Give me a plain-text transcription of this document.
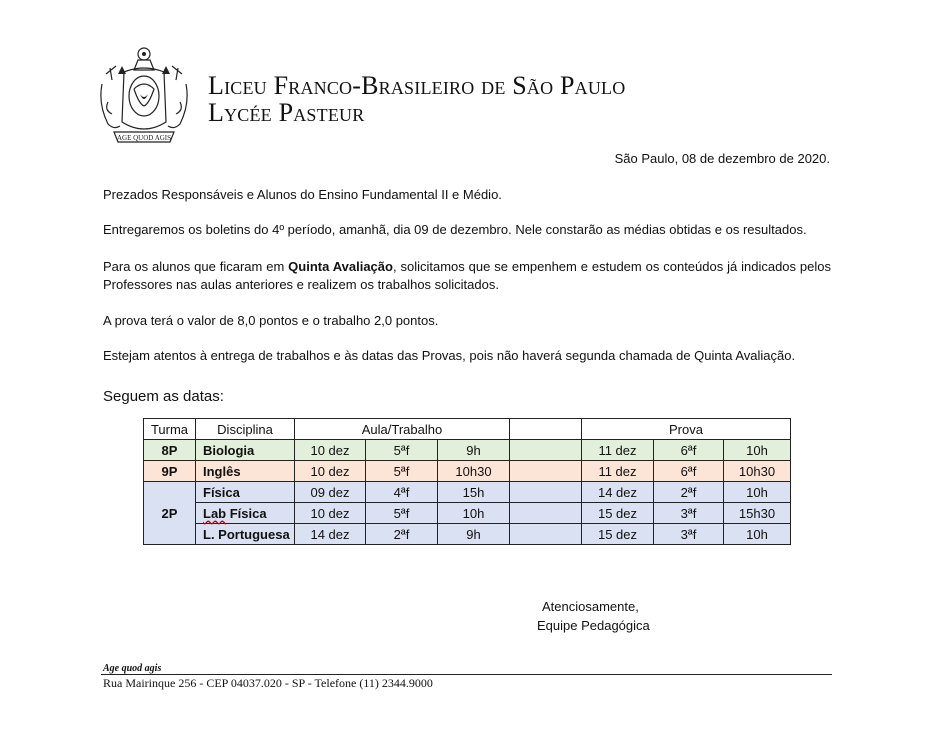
AGE QUOD AGIS
Liceu Franco-Brasileiro de São Paulo
Lycée Pasteur
São Paulo, 08 de dezembro de 2020.
Prezados Responsáveis e Alunos do Ensino Fundamental II e Médio.
Entregaremos os boletins do 4º período, amanhã, dia 09 de dezembro. Nele constarão as médias obtidas e os resultados.
Para os alunos que ficaram em Quinta Avaliação, solicitamos que se empenhem e estudem os conteúdos já indicados pelos Professores nas aulas anteriores e realizem os trabalhos solicitados.
A prova terá o valor de 8,0 pontos e o trabalho 2,0 pontos.
Estejam atentos à entrega de trabalhos e às datas das Provas, pois não haverá segunda chamada de Quinta Avaliação.
Seguem as datas:
Turma	Disciplina	Aula/Trabalho				Prova		
8P	Biologia	10 dez	5ªf	9h		11 dez	6ªf	10h
9P	Inglês	10 dez	5ªf	10h30		11 dez	6ªf	10h30
2P	Física	09 dez	4ªf	15h		14 dez	2ªf	10h
	Lab Física	10 dez	5ªf	10h		15 dez	3ªf	15h30
	L. Portuguesa	14 dez	2ªf	9h		15 dez	3ªf	10h
Atenciosamente,
Equipe Pedagógica
Age quod agis
Rua Mairinque 256 - CEP 04037.020 - SP - Telefone (11) 2344.9000
